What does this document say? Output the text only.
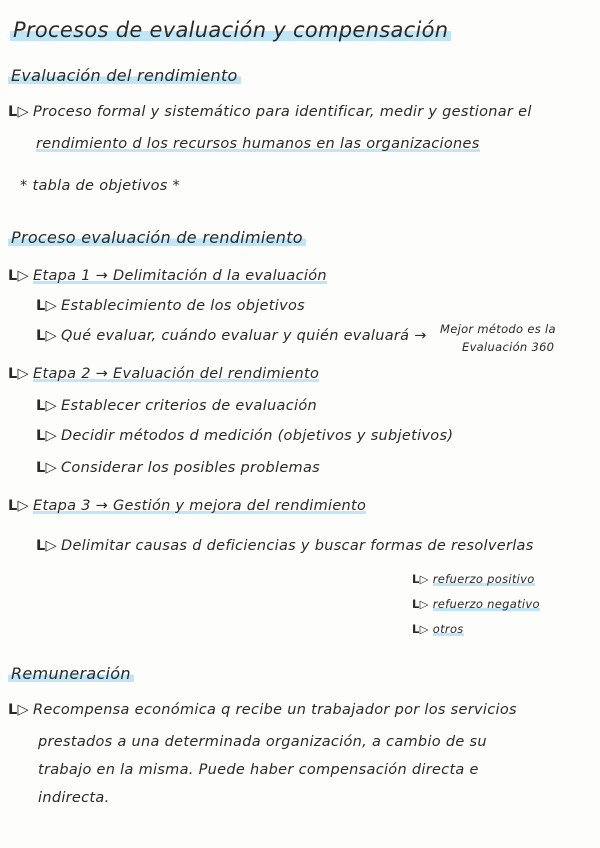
Procesos de evaluación y compensación
Evaluación del rendimiento
L▷ Proceso formal y sistemático para identificar, medir y gestionar el
rendimiento d los recursos humanos en las organizaciones
* tabla de objetivos *
Proceso evaluación de rendimiento
L▷ Etapa 1 → Delimitación d la evaluación
L▷ Establecimiento de los objetivos
L▷ Qué evaluar, cuándo evaluar y quién evaluará → Mejor método es la
Evaluación 360
L▷ Etapa 2 → Evaluación del rendimiento
L▷ Establecer criterios de evaluación
L▷ Decidir métodos d medición (objetivos y subjetivos)
L▷ Considerar los posibles problemas
L▷ Etapa 3 → Gestión y mejora del rendimiento
L▷ Delimitar causas d deficiencias y buscar formas de resolverlas
L▷ refuerzo positivo
L▷ refuerzo negativo
L▷ otros
Remuneración
L▷ Recompensa económica q recibe un trabajador por los servicios
prestados a una determinada organización, a cambio de su
trabajo en la misma. Puede haber compensación directa e
indirecta.
